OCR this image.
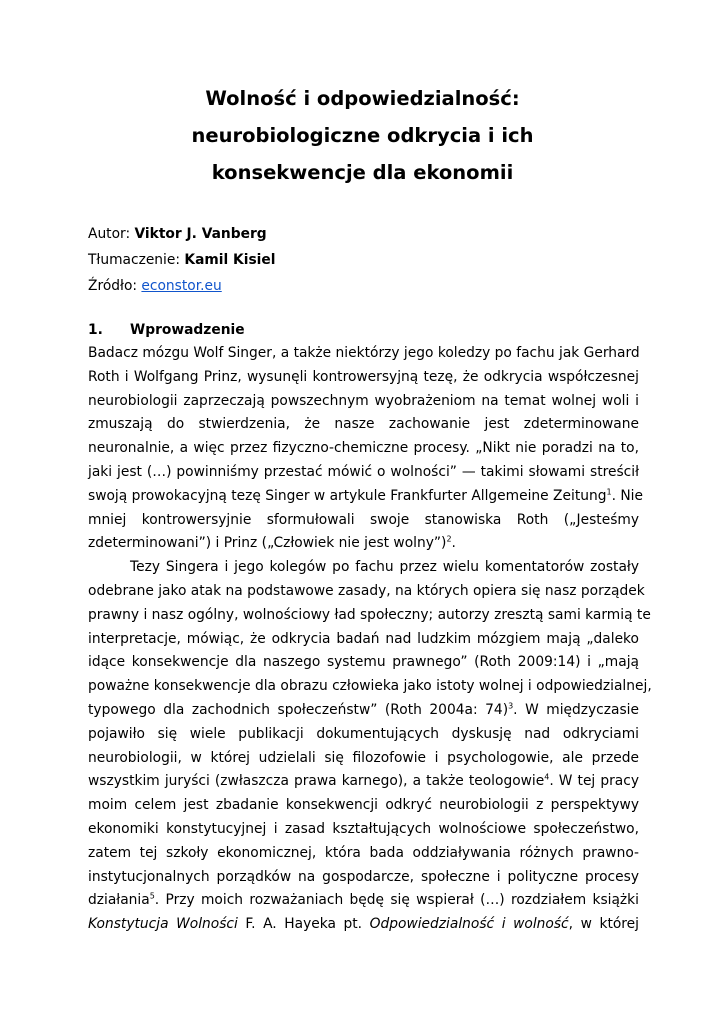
Wolność i odpowiedzialność:
neurobiologiczne odkrycia i ich
konsekwencje dla ekonomii
Autor: Viktor J. Vanberg
Tłumaczenie: Kamil Kisiel
Źródło: econstor.eu
1. Wprowadzenie
Badacz mózgu Wolf Singer, a także niektórzy jego koledzy po fachu jak Gerhard
Roth i Wolfgang Prinz, wysunęli kontrowersyjną tezę, że odkrycia współczesnej
neurobiologii zaprzeczają powszechnym wyobrażeniom na temat wolnej woli i
zmuszają do stwierdzenia, że nasze zachowanie jest zdeterminowane
neuronalnie, a więc przez fizyczno-chemiczne procesy. „Nikt nie poradzi na to,
jaki jest (…) powinniśmy przestać mówić o wolności” — takimi słowami streścił
swoją prowokacyjną tezę Singer w artykule Frankfurter Allgemeine Zeitung$^1$. Nie
mniej kontrowersyjnie sformułowali swoje stanowiska Roth („Jesteśmy
zdeterminowani”) i Prinz („Człowiek nie jest wolny”)$^2$.
Tezy Singera i jego kolegów po fachu przez wielu komentatorów zostały
odebrane jako atak na podstawowe zasady, na których opiera się nasz porządek
prawny i nasz ogólny, wolnościowy ład społeczny; autorzy zresztą sami karmią te
interpretacje, mówiąc, że odkrycia badań nad ludzkim mózgiem mają „daleko
idące konsekwencje dla naszego systemu prawnego” (Roth 2009:14) i „mają
poważne konsekwencje dla obrazu człowieka jako istoty wolnej i odpowiedzialnej,
typowego dla zachodnich społeczeństw” (Roth 2004a: 74)$^3$. W międzyczasie
pojawiło się wiele publikacji dokumentujących dyskusję nad odkryciami
neurobiologii, w której udzielali się filozofowie i psychologowie, ale przede
wszystkim juryści (zwłaszcza prawa karnego), a także teologowie$^4$. W tej pracy
moim celem jest zbadanie konsekwencji odkryć neurobiologii z perspektywy
ekonomiki konstytucyjnej i zasad kształtujących wolnościowe społeczeństwo,
zatem tej szkoły ekonomicznej, która bada oddziaływania różnych prawno-
instytucjonalnych porządków na gospodarcze, społeczne i polityczne procesy
działania$^5$. Przy moich rozważaniach będę się wspierał (…) rozdziałem książki
Konstytucja Wolności F. A. Hayeka pt. Odpowiedzialność i wolność, w której
